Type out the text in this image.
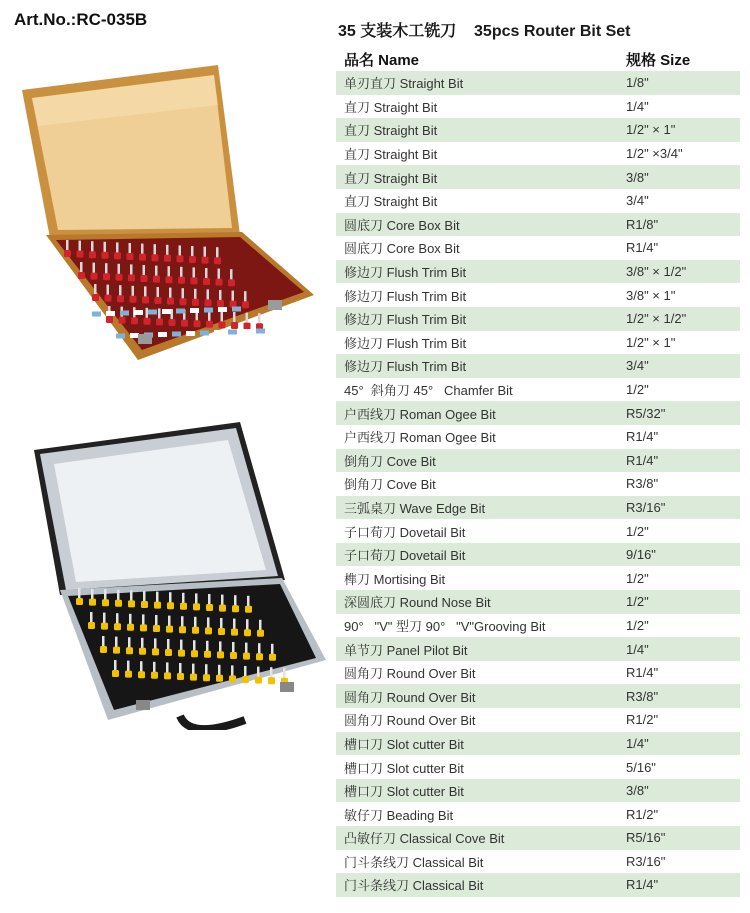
Art.No.:RC-035B
35 支装木工铣刀    35pcs Router Bit Set
品名 Name	规格 Size
单刃直刀 Straight Bit	1/8"
直刀 Straight Bit	1/4"
直刀 Straight Bit	1/2" × 1"
直刀 Straight Bit	1/2" ×3/4"
直刀 Straight Bit	3/8"
直刀 Straight Bit	3/4"
圆底刀 Core Box Bit	R1/8"
圆底刀 Core Box Bit	R1/4"
修边刀 Flush Trim Bit	3/8" × 1/2"
修边刀 Flush Trim Bit	3/8" × 1"
修边刀 Flush Trim Bit	1/2" × 1/2"
修边刀 Flush Trim Bit	1/2" × 1"
修边刀 Flush Trim Bit	3/4"
45°  斜角刀 45°   Chamfer Bit	1/2"
户西线刀 Roman Ogee Bit	R5/32"
户西线刀 Roman Ogee Bit	R1/4"
倒角刀 Cove Bit	R1/4"
倒角刀 Cove Bit	R3/8"
三弧桌刀 Wave Edge Bit	R3/16"
子口荀刀 Dovetail Bit	1/2"
子口荀刀 Dovetail Bit	9/16"
榫刀 Mortising Bit	1/2"
深圆底刀 Round Nose Bit	1/2"
90°   "V" 型刀 90°   "V"Grooving Bit	1/2"
单节刀 Panel Pilot Bit	1/4"
圆角刀 Round Over Bit	R1/4"
圆角刀 Round Over Bit	R3/8"
圆角刀 Round Over Bit	R1/2"
槽口刀 Slot cutter Bit	1/4"
槽口刀 Slot cutter Bit	5/16"
槽口刀 Slot cutter Bit	3/8"
敏仔刀 Beading Bit	R1/2"
凸敏仔刀 Classical Cove Bit	R5/16"
门斗条线刀 Classical Bit	R3/16"
门斗条线刀 Classical Bit	R1/4"
